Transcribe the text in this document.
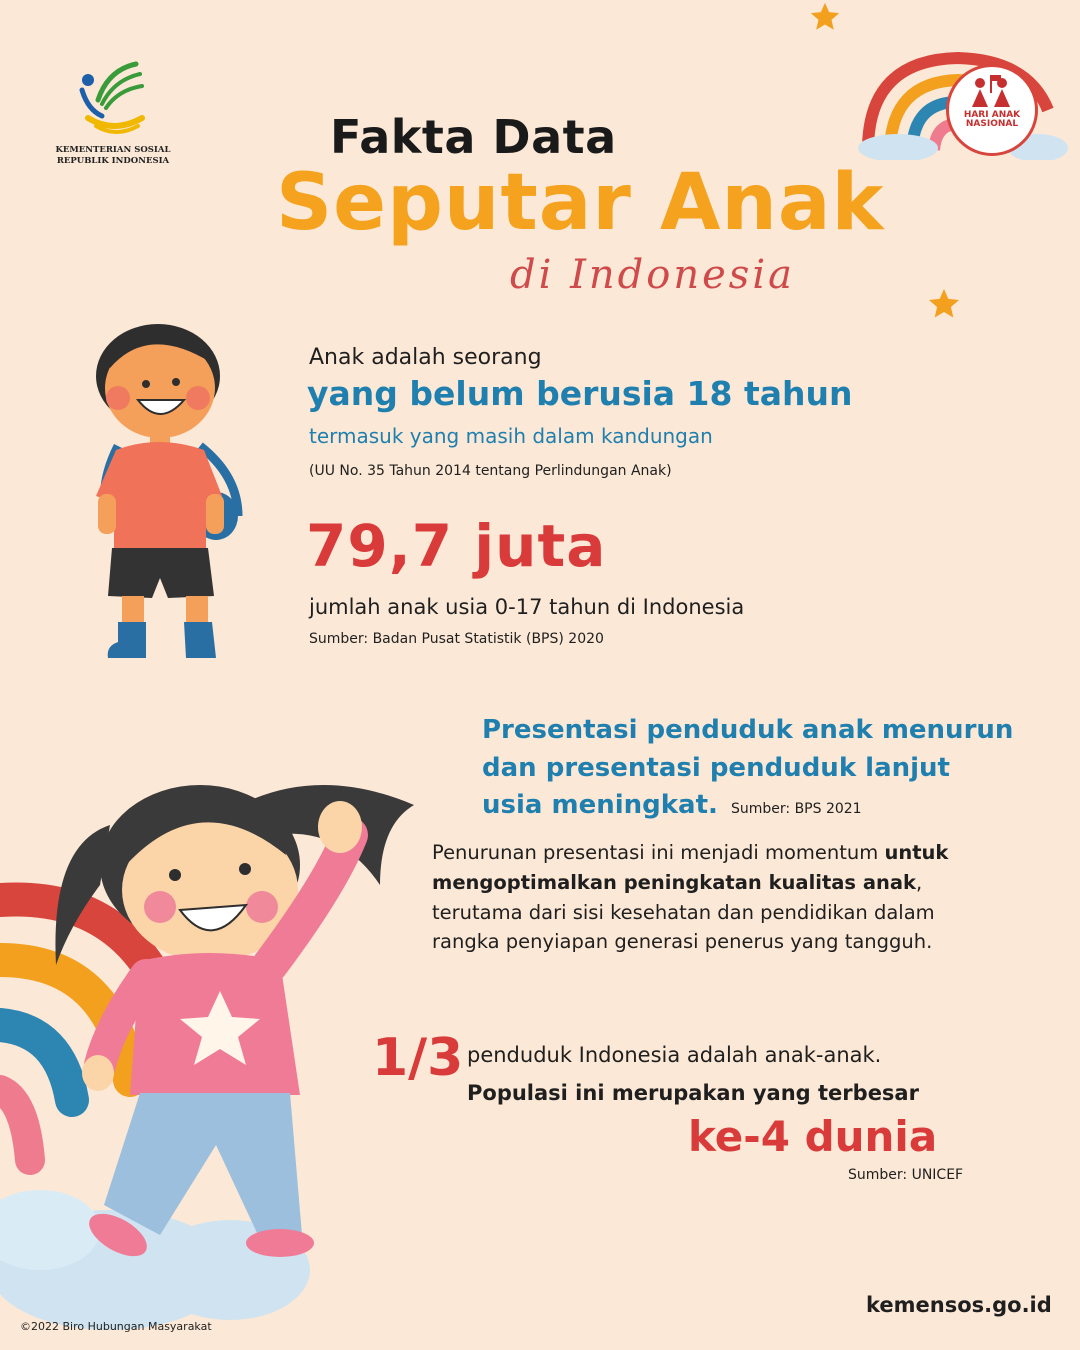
KEMENTERIAN SOSIAL
REPUBLIK INDONESIA
HARI ANAK
NASIONAL
Fakta Data
Seputar Anak
di Indonesia
Anak adalah seorang
yang belum berusia 18 tahun
termasuk yang masih dalam kandungan
(UU No. 35 Tahun 2014 tentang Perlindungan Anak)
79,7 juta
jumlah anak usia 0-17 tahun di Indonesia
Sumber: Badan Pusat Statistik (BPS) 2020
Presentasi penduduk anak menurun
dan presentasi penduduk lanjut
usia meningkat. Sumber: BPS 2021
Penurunan presentasi ini menjadi momentum untuk
mengoptimalkan peningkatan kualitas anak,
terutama dari sisi kesehatan dan pendidikan dalam
rangka penyiapan generasi penerus yang tangguh.
1/3 penduduk Indonesia adalah anak-anak.
Populasi ini merupakan yang terbesar
ke-4 dunia
Sumber: UNICEF
©2022 Biro Hubungan Masyarakat
kemensos.go.id
